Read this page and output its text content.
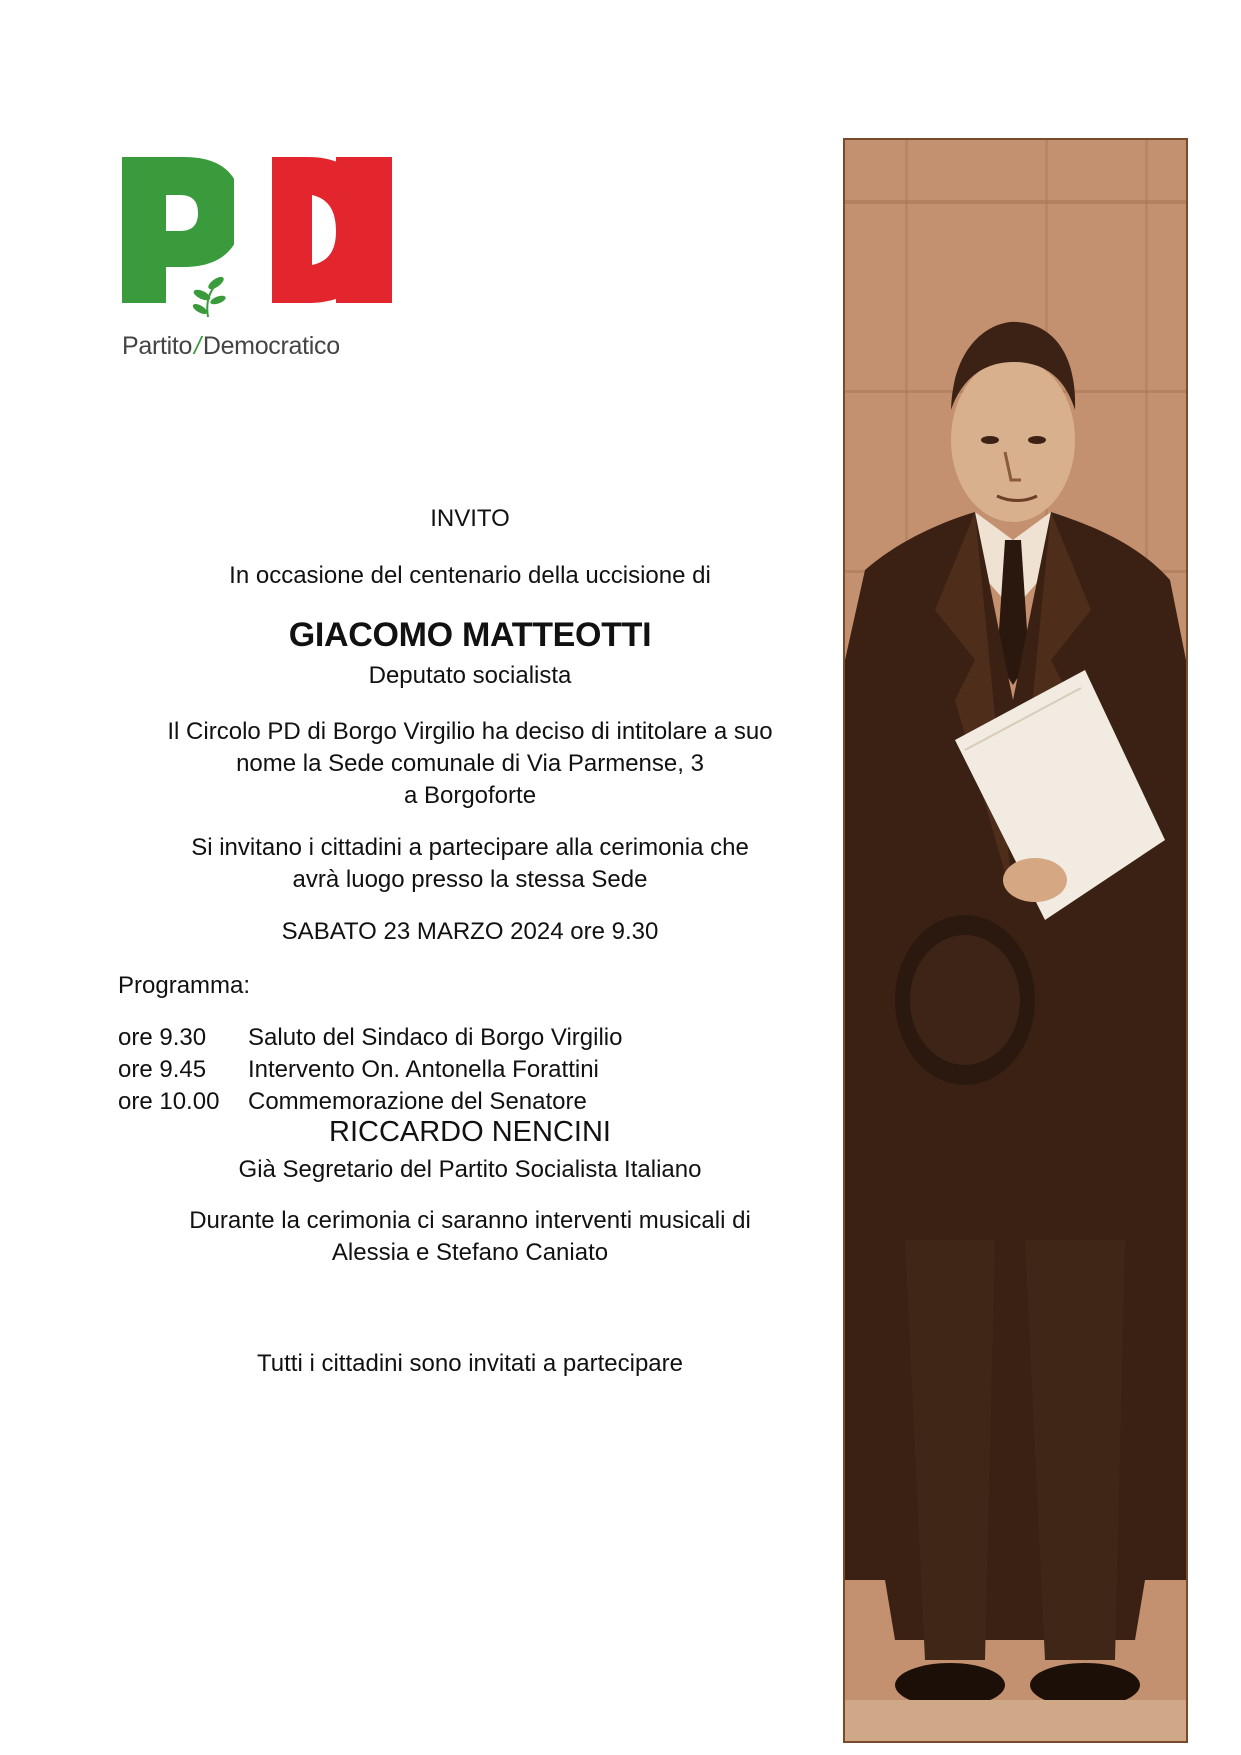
Partito/Democratico
INVITO
In occasione del centenario della uccisione di
GIACOMO MATTEOTTI
Deputato socialista
Il Circolo PD di Borgo Virgilio ha deciso di intitolare a suo
nome la Sede comunale di Via Parmense, 3
a Borgoforte
Si invitano i cittadini a partecipare alla cerimonia che
avrà luogo presso la stessa Sede
SABATO 23 MARZO 2024 ore 9.30
Programma:
ore 9.30 Saluto del Sindaco di Borgo Virgilio
ore 9.45 Intervento On. Antonella Forattini
ore 10.00 Commemorazione del Senatore
RICCARDO NENCINI
Già Segretario del Partito Socialista Italiano
Durante la cerimonia ci saranno interventi musicali di
Alessia e Stefano Caniato
Tutti i cittadini sono invitati a partecipare
